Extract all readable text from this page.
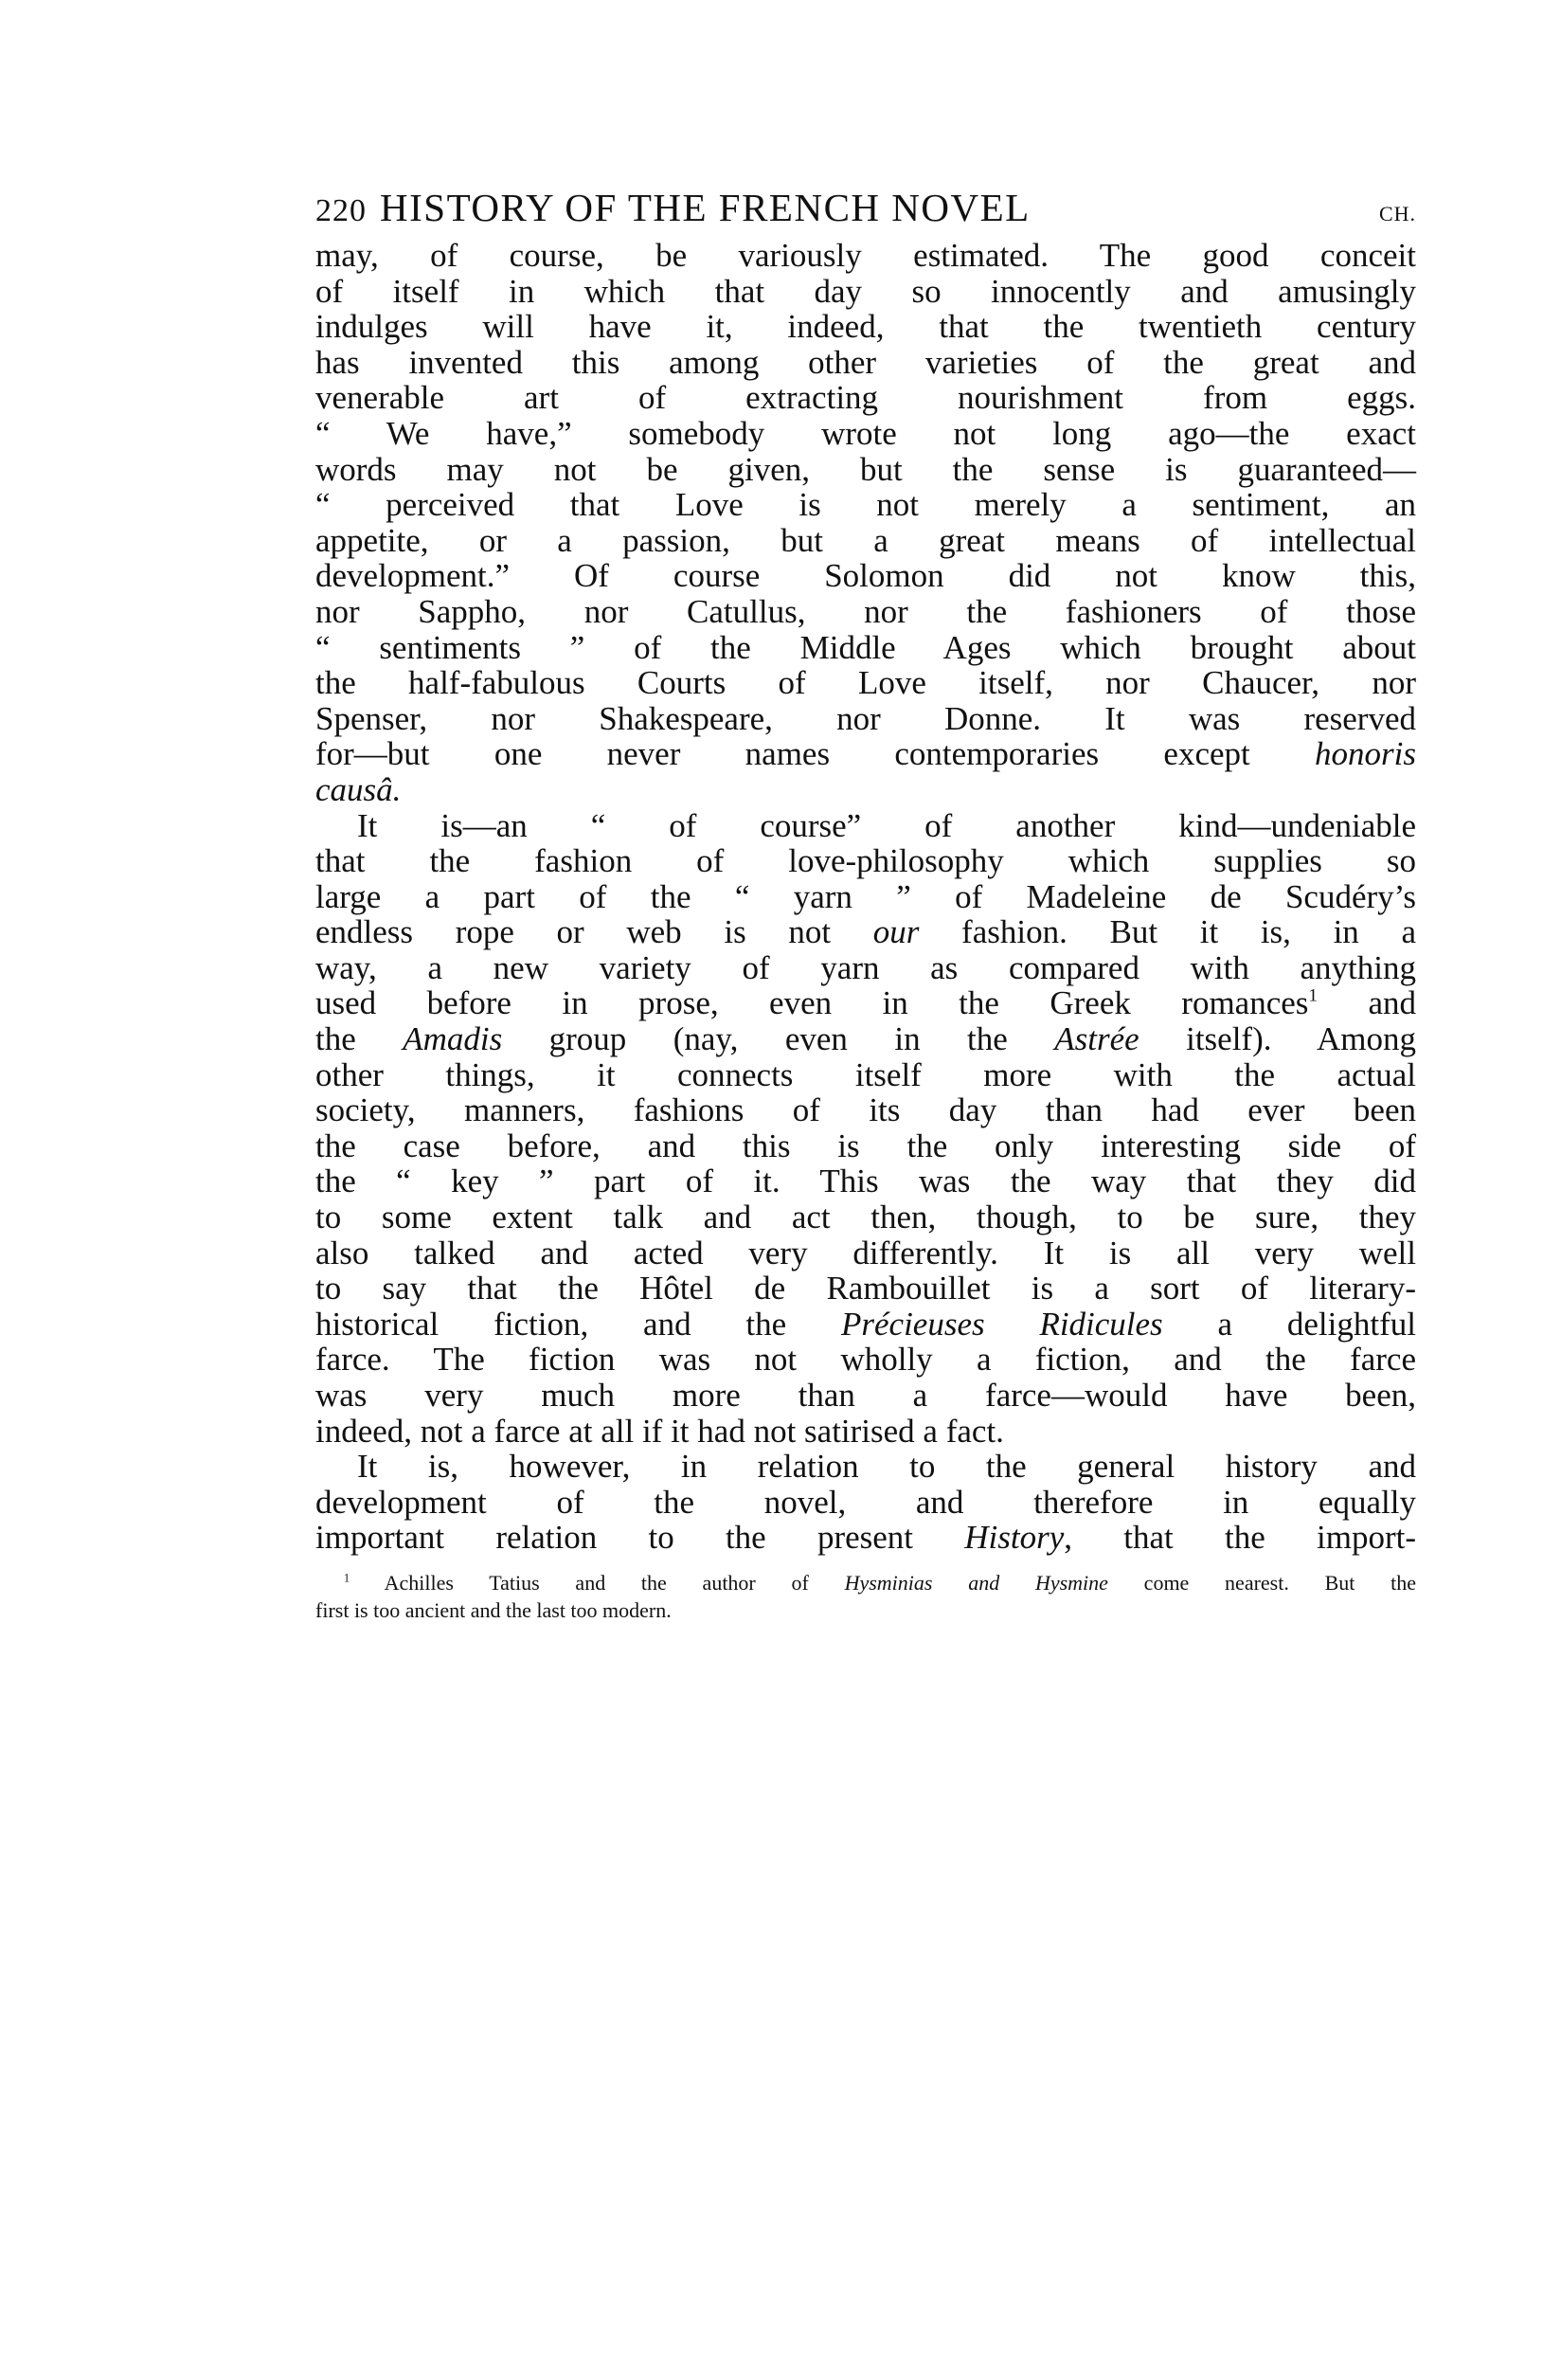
220 HISTORY OF THE FRENCH NOVEL	CH.
may, of course, be variously estimated. The good conceit
of itself in which that day so innocently and amusingly
indulges will have it, indeed, that the twentieth century
has invented this among other varieties of the great and
venerable art of extracting nourishment from eggs.
“ We have,” somebody wrote not long ago—the exact
words may not be given, but the sense is guaranteed—
“ perceived that Love is not merely a sentiment, an
appetite, or a passion, but a great means of intellectual
development.” Of course Solomon did not know this,
nor Sappho, nor Catullus, nor the fashioners of those
“ sentiments ” of the Middle Ages which brought about
the half-fabulous Courts of Love itself, nor Chaucer, nor
Spenser, nor Shakespeare, nor Donne. It was reserved
for—but one never names contemporaries except honoris
causâ.
It is—an “ of course” of another kind—undeniable
that the fashion of love-philosophy which supplies so
large a part of the “ yarn ” of Madeleine de Scudéry’s
endless rope or web is not our fashion. But it is, in a
way, a new variety of yarn as compared with anything
used before in prose, even in the Greek romances$^1$ and
the Amadis group (nay, even in the Astrée itself). Among
other things, it connects itself more with the actual
society, manners, fashions of its day than had ever been
the case before, and this is the only interesting side of
the “ key ” part of it. This was the way that they did
to some extent talk and act then, though, to be sure, they
also talked and acted very differently. It is all very well
to say that the Hôtel de Rambouillet is a sort of literary-
historical fiction, and the Précieuses Ridicules a delightful
farce. The fiction was not wholly a fiction, and the farce
was very much more than a farce—would have been,
indeed, not a farce at all if it had not satirised a fact.
It is, however, in relation to the general history and
development of the novel, and therefore in equally
important relation to the present History, that the import-
$^1$ Achilles Tatius and the author of Hysminias and Hysmine come nearest. But the
first is too ancient and the last too modern.
